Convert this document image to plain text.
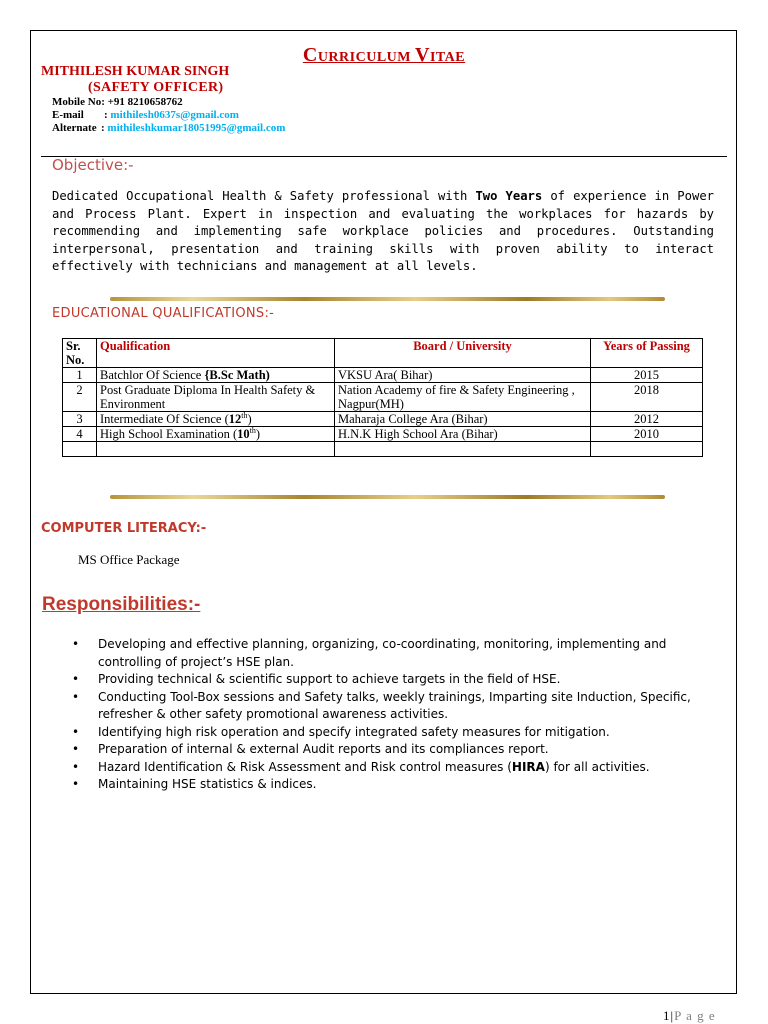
CURRICULUM VITAE
MITHILESH KUMAR SINGH
(SAFETY OFFICER)
Mobile No: +91 8210658762
E-mail : mithilesh0637s@gmail.com
Alternate : mithileshkumar18051995@gmail.com
Objective:-
Dedicated Occupational Health & Safety professional with Two Years of experience in Power and Process Plant. Expert in inspection and evaluating the workplaces for hazards by recommending and implementing safe workplace policies and procedures. Outstanding interpersonal, presentation and training skills with proven ability to interact effectively with technicians and management at all levels.
EDUCATIONAL QUALIFICATIONS:-
Sr. No.	Qualification	Board / University	Years of Passing
1	Batchlor Of Science {B.Sc Math)	VKSU Ara( Bihar)	2015
2	Post Graduate Diploma In Health Safety & Environment	Nation Academy of fire & Safety Engineering , Nagpur(MH)	2018
3	Intermediate Of Science (12th)	Maharaja College Ara (Bihar)	2012
4	High School Examination (10th)	H.N.K High School Ara (Bihar)	2010

COMPUTER LITERACY:-
MS Office Package
Responsibilities:-
• Developing and effective planning, organizing, co-coordinating, monitoring, implementing and controlling of project’s HSE plan.
• Providing technical & scientific support to achieve targets in the field of HSE.
• Conducting Tool-Box sessions and Safety talks, weekly trainings, Imparting site Induction, Specific, refresher & other safety promotional awareness activities.
• Identifying high risk operation and specify integrated safety measures for mitigation.
• Preparation of internal & external Audit reports and its compliances report.
• Hazard Identification & Risk Assessment and Risk control measures (HIRA) for all activities.
• Maintaining HSE statistics & indices.
1|P a g e
